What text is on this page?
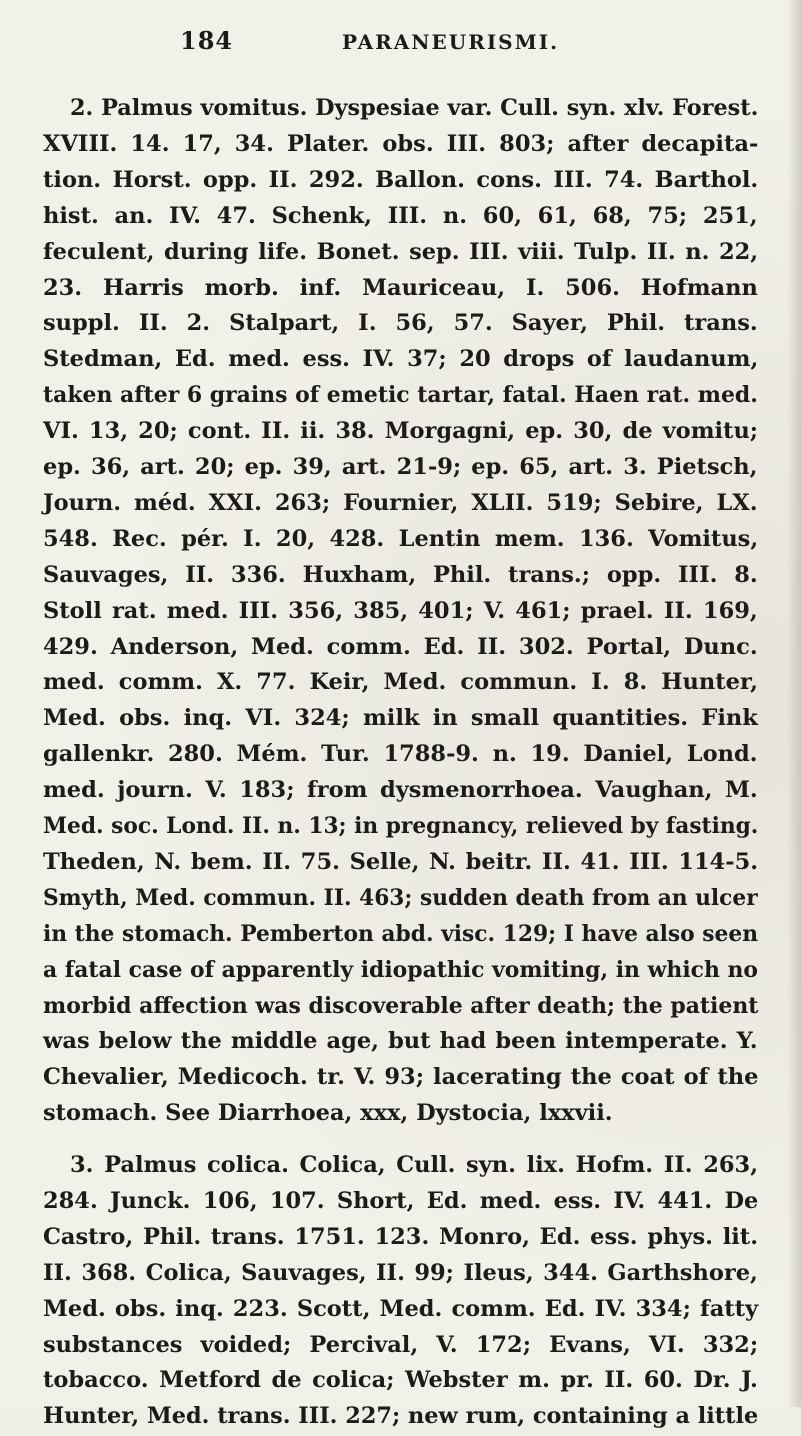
184	PARANEURISMI.
2. Palmus vomitus. Dyspesiae var. Cull. syn. xlv. Forest.
XVIII. 14. 17, 34. Plater. obs. III. 803; after decapita-
tion. Horst. opp. II. 292. Ballon. cons. III. 74. Barthol.
hist. an. IV. 47. Schenk, III. n. 60, 61, 68, 75; 251,
feculent, during life. Bonet. sep. III. viii. Tulp. II. n. 22,
23. Harris morb. inf. Mauriceau, I. 506. Hofmann
suppl. II. 2. Stalpart, I. 56, 57. Sayer, Phil. trans.
Stedman, Ed. med. ess. IV. 37; 20 drops of laudanum,
taken after 6 grains of emetic tartar, fatal. Haen rat. med.
VI. 13, 20; cont. II. ii. 38. Morgagni, ep. 30, de vomitu;
ep. 36, art. 20; ep. 39, art. 21-9; ep. 65, art. 3. Pietsch,
Journ. méd. XXI. 263; Fournier, XLII. 519; Sebire, LX.
548. Rec. pér. I. 20, 428. Lentin mem. 136. Vomitus,
Sauvages, II. 336. Huxham, Phil. trans.; opp. III. 8.
Stoll rat. med. III. 356, 385, 401; V. 461; prael. II. 169,
429. Anderson, Med. comm. Ed. II. 302. Portal, Dunc.
med. comm. X. 77. Keir, Med. commun. I. 8. Hunter,
Med. obs. inq. VI. 324; milk in small quantities. Fink
gallenkr. 280. Mém. Tur. 1788-9. n. 19. Daniel, Lond.
med. journ. V. 183; from dysmenorrhoea. Vaughan, M.
Med. soc. Lond. II. n. 13; in pregnancy, relieved by fasting.
Theden, N. bem. II. 75. Selle, N. beitr. II. 41. III. 114-5.
Smyth, Med. commun. II. 463; sudden death from an ulcer
in the stomach. Pemberton abd. visc. 129; I have also seen
a fatal case of apparently idiopathic vomiting, in which no
morbid affection was discoverable after death; the patient
was below the middle age, but had been intemperate. Y.
Chevalier, Medicoch. tr. V. 93; lacerating the coat of the
stomach. See Diarrhoea, xxx, Dystocia, lxxvii.
3. Palmus colica. Colica, Cull. syn. lix. Hofm. II. 263,
284. Junck. 106, 107. Short, Ed. med. ess. IV. 441. De
Castro, Phil. trans. 1751. 123. Monro, Ed. ess. phys. lit.
II. 368. Colica, Sauvages, II. 99; Ileus, 344. Garthshore,
Med. obs. inq. 223. Scott, Med. comm. Ed. IV. 334; fatty
substances voided; Percival, V. 172; Evans, VI. 332;
tobacco. Metford de colica; Webster m. pr. II. 60. Dr. J.
Hunter, Med. trans. III. 227; new rum, containing a little
